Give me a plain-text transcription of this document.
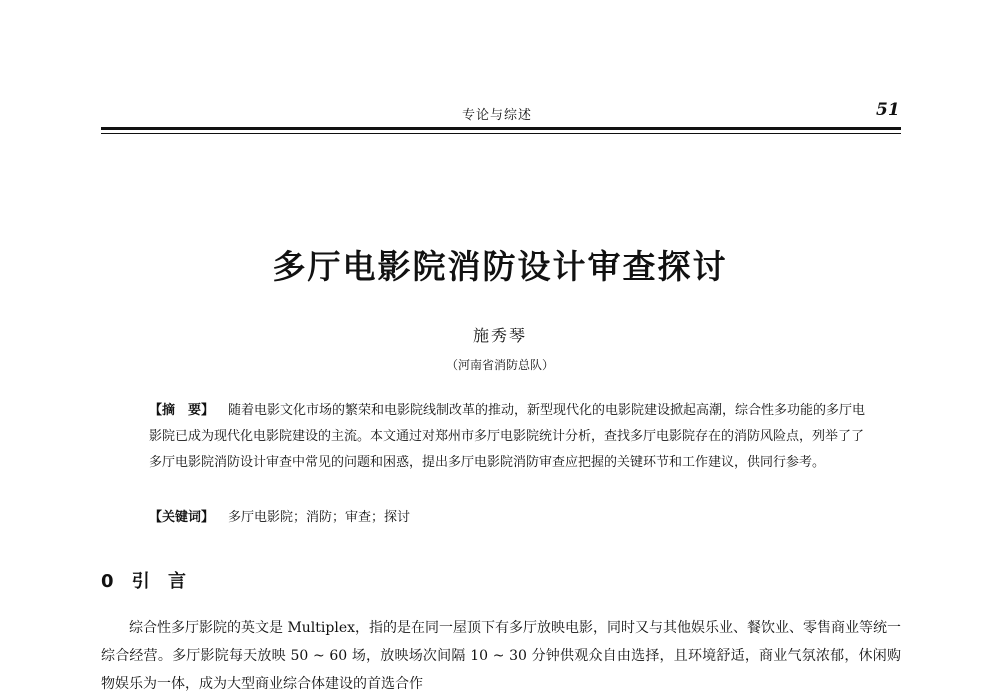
专论与综述	51
多厅电影院消防设计审查探讨
施秀琴
（河南省消防总队）
【摘　要】 随着电影文化市场的繁荣和电影院线制改革的推动，新型现代化的电影院建设掀起高潮，综合性多功能的多厅电影院已成为现代化电影院建设的主流。本文通过对郑州市多厅电影院统计分析，查找多厅电影院存在的消防风险点，列举了了多厅电影院消防设计审查中常见的问题和困惑，提出多厅电影院消防审查应把握的关键环节和工作建议，供同行参考。
【关键词】 多厅电影院；消防；审查；探讨
0 引 言
综合性多厅影院的英文是 Multiplex，指的是在同一屋顶下有多厅放映电影，同时又与其他娱乐业、餐饮业、零售商业等统一综合经营。多厅影院每天放映 50 ~ 60 场，放映场次间隔 10 ~ 30 分钟供观众自由选择，且环境舒适，商业气氛浓郁，休闲购物娱乐为一体，成为大型商业综合体建设的首选合作
